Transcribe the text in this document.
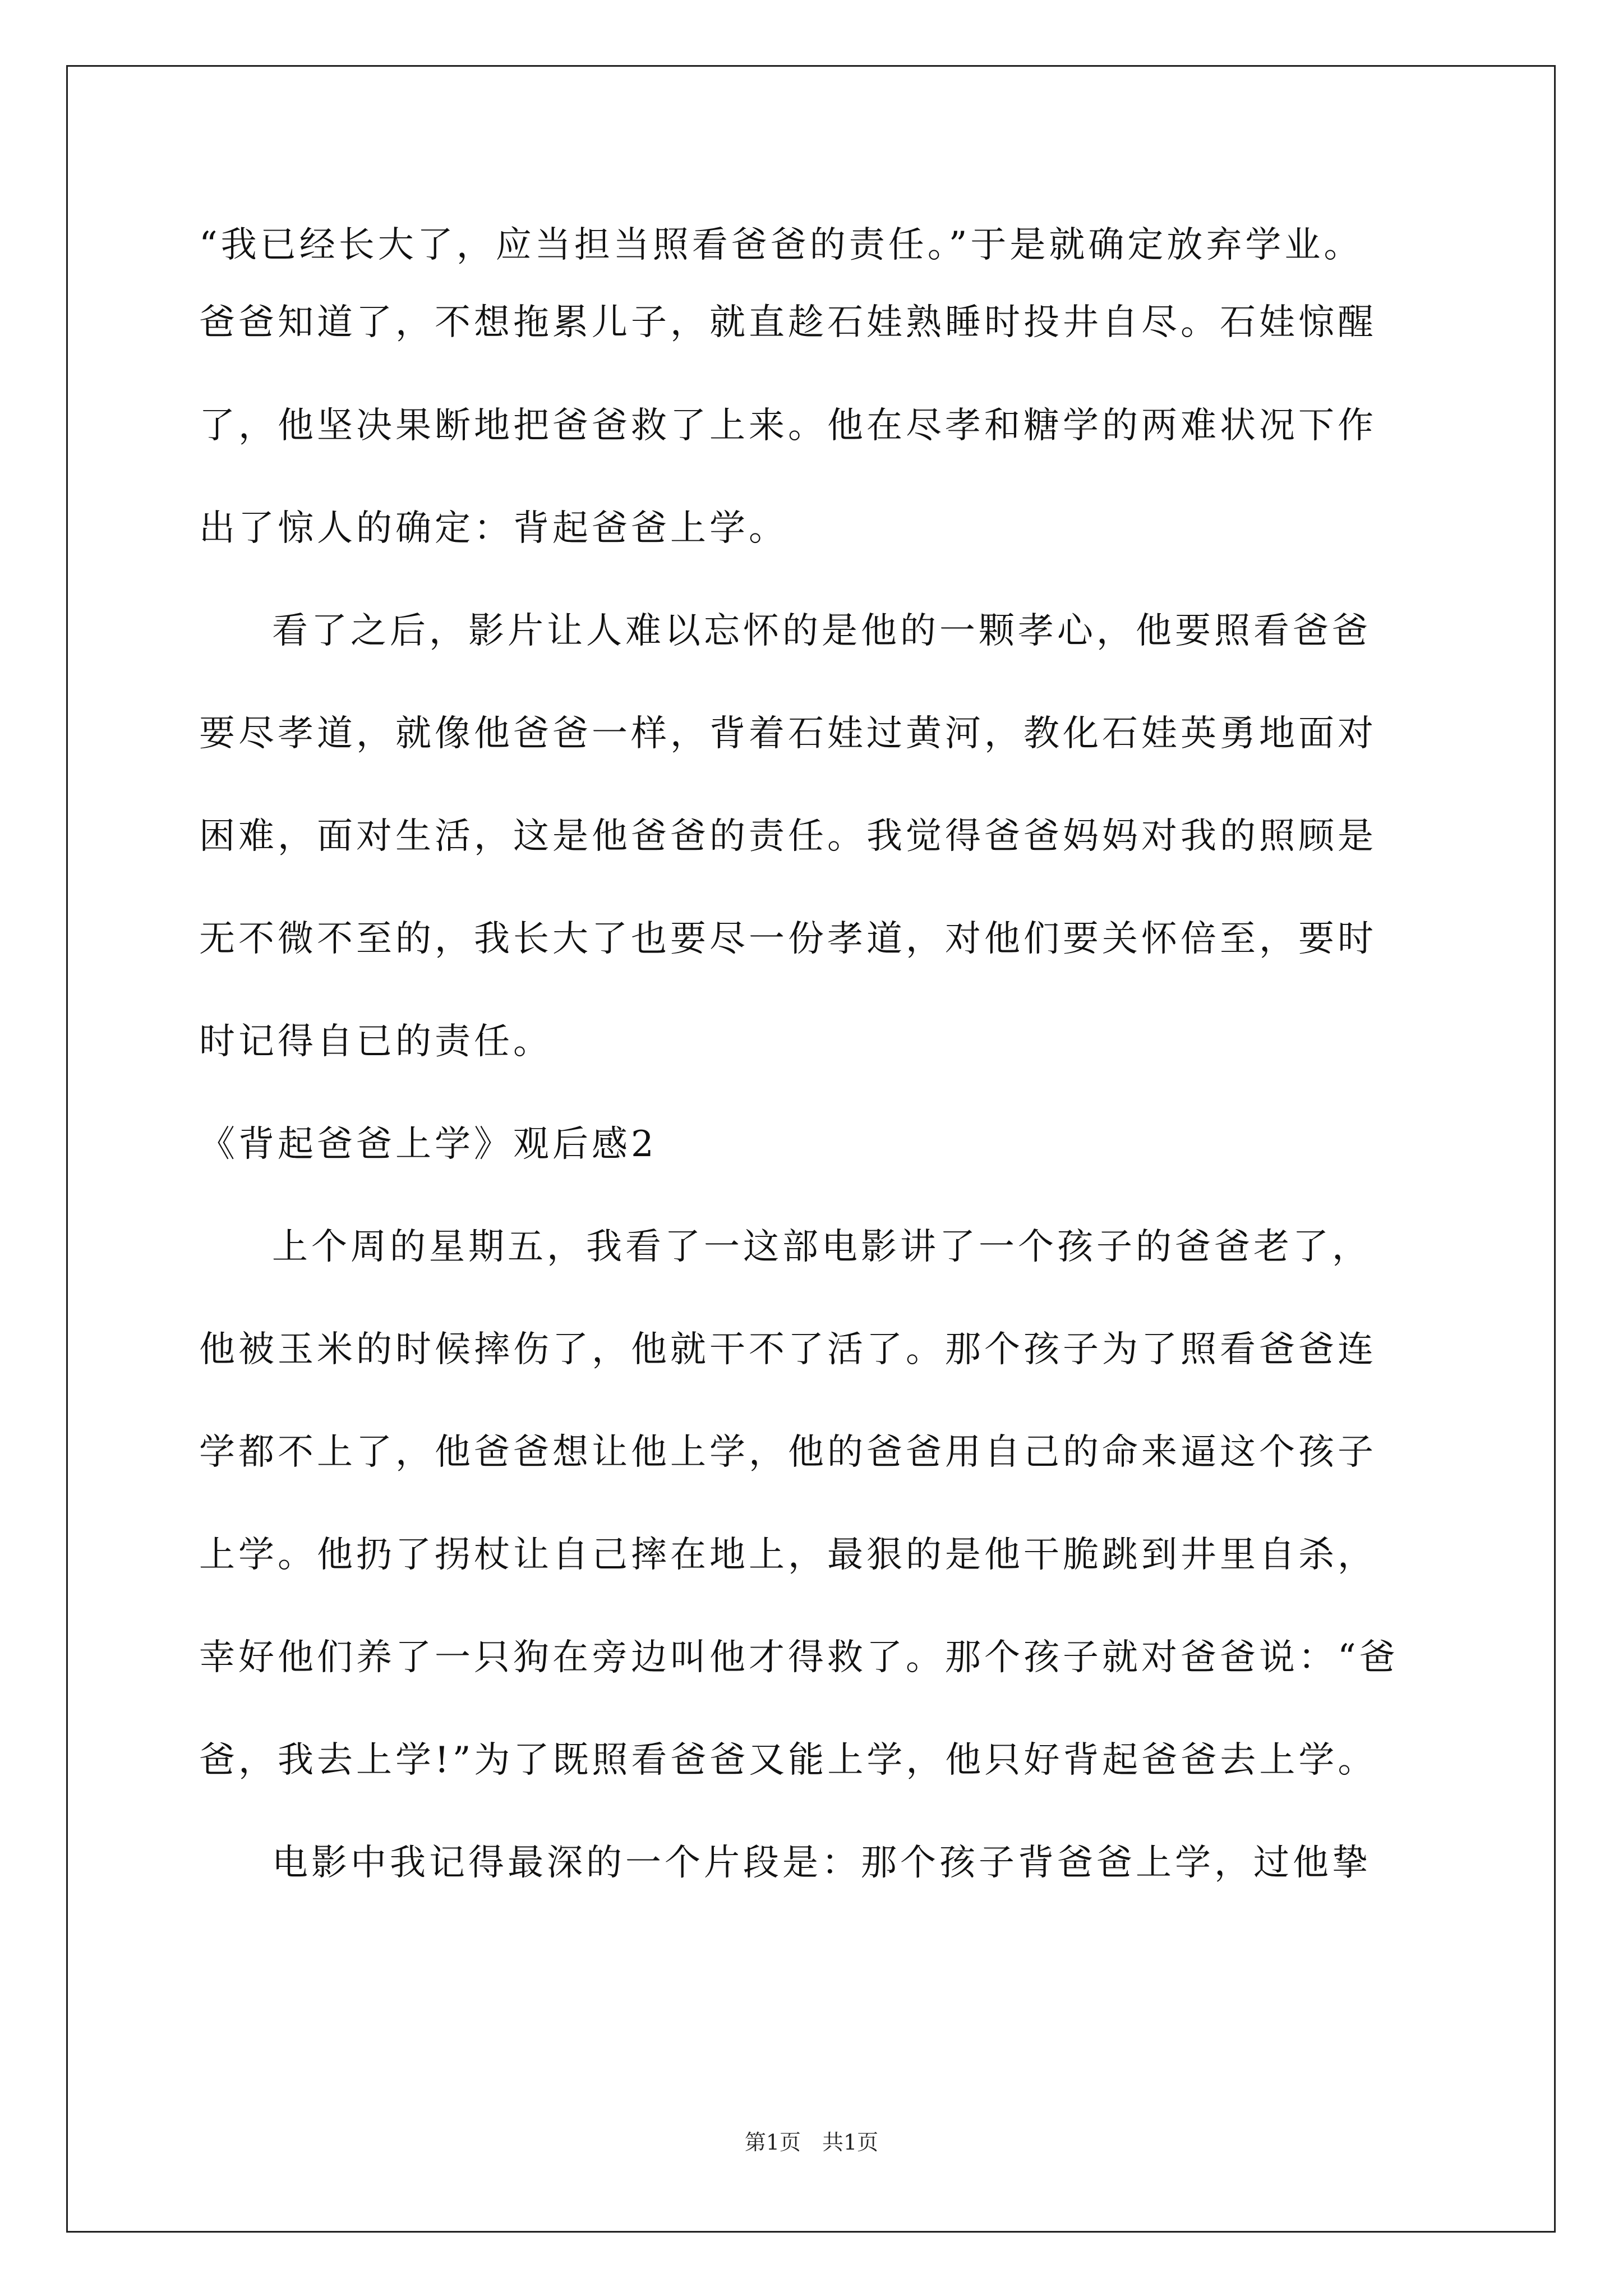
“我已经长大了，应当担当照看爸爸的责任。”于是就确定放弃学业。
爸爸知道了，不想拖累儿子，就直趁石娃熟睡时投井自尽。石娃惊醒
了，他坚决果断地把爸爸救了上来。他在尽孝和糖学的两难状况下作
出了惊人的确定：背起爸爸上学。
看了之后，影片让人难以忘怀的是他的一颗孝心，他要照看爸爸
要尽孝道，就像他爸爸一样，背着石娃过黄河，教化石娃英勇地面对
困难，面对生活，这是他爸爸的责任。我觉得爸爸妈妈对我的照顾是
无不微不至的，我长大了也要尽一份孝道，对他们要关怀倍至，要时
时记得自已的责任。
《背起爸爸上学》观后感2
上个周的星期五，我看了一这部电影讲了一个孩子的爸爸老了，
他被玉米的时候摔伤了，他就干不了活了。那个孩子为了照看爸爸连
学都不上了，他爸爸想让他上学，他的爸爸用自己的命来逼这个孩子
上学。他扔了拐杖让自己摔在地上，最狠的是他干脆跳到井里自杀，
幸好他们养了一只狗在旁边叫他才得救了。那个孩子就对爸爸说：“爸
爸，我去上学!”为了既照看爸爸又能上学，他只好背起爸爸去上学。
电影中我记得最深的一个片段是：那个孩子背爸爸上学，过他挚
第1页　共1页
